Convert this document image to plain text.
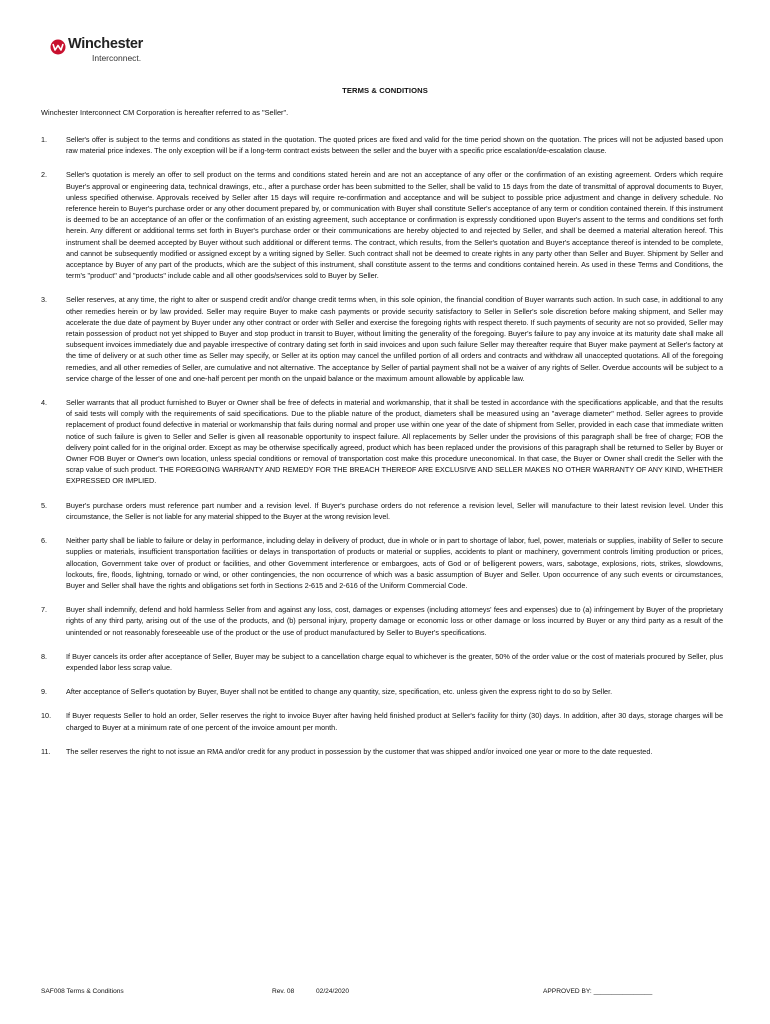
Winchester
Interconnect.
TERMS & CONDITIONS
Winchester Interconnect CM Corporation is hereafter referred to as "Seller".
1.	Seller's offer is subject to the terms and conditions as stated in the quotation. The quoted prices are fixed and valid for the time period shown on the quotation. The prices will not be adjusted based upon raw material price indexes. The only exception will be if a long-term contract exists between the seller and the buyer with a specific price escalation/de-escalation clause.
2.	Seller's quotation is merely an offer to sell product on the terms and conditions stated herein and are not an acceptance of any offer or the confirmation of an existing agreement. Orders which require Buyer's approval or engineering data, technical drawings, etc., after a purchase order has been submitted to the Seller, shall be valid to 15 days from the date of transmittal of approval documents to Buyer, unless specified otherwise. Approvals received by Seller after 15 days will require re-confirmation and acceptance and will be subject to possible price adjustment and change in delivery schedule. No reference herein to Buyer's purchase order or any other document prepared by, or communication with Buyer shall constitute Seller's acceptance of any term or condition contained therein. If this instrument is deemed to be an acceptance of an offer or the confirmation of an existing agreement, such acceptance or confirmation is expressly conditioned upon Buyer's assent to the terms and conditions set forth herein. Any different or additional terms set forth in Buyer's purchase order or their communications are hereby objected to and rejected by Seller, and shall be deemed a material alteration hereof. This instrument shall be deemed accepted by Buyer without such additional or different terms. The contract, which results, from the Seller's quotation and Buyer's acceptance thereof is intended to be complete, and cannot be subsequently modified or assigned except by a writing signed by Seller. Such contract shall not be deemed to create rights in any party other than Seller and Buyer. Shipment by Seller and acceptance by Buyer of any part of the products, which are the subject of this instrument, shall constitute assent to the terms and conditions contained herein. As used in these Terms and Conditions, the term's "product" and "products" include cable and all other goods/services sold to Buyer by Seller.
3.	Seller reserves, at any time, the right to alter or suspend credit and/or change credit terms when, in this sole opinion, the financial condition of Buyer warrants such action. In such case, in additional to any other remedies herein or by law provided. Seller may require Buyer to make cash payments or provide security satisfactory to Seller in Seller's sole discretion before making shipment, and Seller may accelerate the due date of payment by Buyer under any other contract or order with Seller and exercise the foregoing rights with respect thereto. If such payments of security are not so provided, Seller may retain possession of product not yet shipped to Buyer and stop product in transit to Buyer, without limiting the generality of the foregoing. Buyer's failure to pay any invoice at its maturity date shall make all subsequent invoices immediately due and payable irrespective of contrary dating set forth in said invoices and upon such failure Seller may thereafter require that Buyer make payment at Seller's factory at the time of delivery or at such other time as Seller may specify, or Seller at its option may cancel the unfilled portion of all orders and contracts and withdraw all unaccepted quotations. All of the foregoing remedies, and all other remedies of Seller, are cumulative and not alternative. The acceptance by Seller of partial payment shall not be a waiver of any rights of Seller. Overdue accounts will be subject to a service charge of the lesser of one and one-half percent per month on the unpaid balance or the maximum amount allowable by applicable law.
4.	Seller warrants that all product furnished to Buyer or Owner shall be free of defects in material and workmanship, that it shall be tested in accordance with the specifications applicable, and that the results of said tests will comply with the requirements of said specifications. Due to the pliable nature of the product, diameters shall be measured using an "average diameter" method. Seller agrees to provide replacement of product found defective in material or workmanship that fails during normal and proper use within one year of the date of shipment from Seller, provided in each case that immediate written notice of such failure is given to Seller and Seller is given all reasonable opportunity to inspect failure. All replacements by Seller under the provisions of this paragraph shall be free of charge; FOB the delivery point called for in the original order. Except as may be otherwise specifically agreed, product which has been replaced under the provisions of this paragraph shall be returned to Seller by Buyer or Owner FOB Buyer or Owner's own location, unless special conditions or removal of transportation cost make this procedure uneconomical. In that case, the Buyer or Owner shall credit the Seller with the scrap value of such product. THE FOREGOING WARRANTY AND REMEDY FOR THE BREACH THEREOF ARE EXCLUSIVE AND SELLER MAKES NO OTHER WARRANTY OF ANY KIND, WHETHER EXPRESSED OR IMPLIED.
5.	Buyer's purchase orders must reference part number and a revision level. If Buyer's purchase orders do not reference a revision level, Seller will manufacture to their latest revision level. Under this circumstance, the Seller is not liable for any material shipped to the Buyer at the wrong revision level.
6.	Neither party shall be liable to failure or delay in performance, including delay in delivery of product, due in whole or in part to shortage of labor, fuel, power, materials or supplies, inability of Seller to secure supplies or materials, insufficient transportation facilities or delays in transportation of products or material or supplies, accidents to plant or machinery, government controls limiting production or prices, allocation, Government take over of product or facilities, and other Government interference or embargoes, acts of God or of belligerent powers, wars, sabotage, explosions, riots, strikes, slowdowns, lockouts, fire, floods, lightning, tornado or wind, or other contingencies, the non occurrence of which was a basic assumption of Buyer and Seller. Upon occurrence of any such events or circumstances, Buyer and Seller shall have the rights and obligations set forth in Sections 2-615 and 2-616 of the Uniform Commercial Code.
7.	Buyer shall indemnify, defend and hold harmless Seller from and against any loss, cost, damages or expenses (including attorneys' fees and expenses) due to (a) infringement by Buyer of the proprietary rights of any third party, arising out of the use of the products, and (b) personal injury, property damage or economic loss or other damage or loss incurred by Buyer or any third party as a result of the unintended or not reasonably foreseeable use of the product or the use of product manufactured by Seller to Buyer's specifications.
8.	If Buyer cancels its order after acceptance of Seller, Buyer may be subject to a cancellation charge equal to whichever is the greater, 50% of the order value or the cost of materials procured by Seller, plus expended labor less scrap value.
9.	After acceptance of Seller's quotation by Buyer, Buyer shall not be entitled to change any quantity, size, specification, etc. unless given the express right to do so by Seller.
10. If Buyer requests Seller to hold an order, Seller reserves the right to invoice Buyer after having held finished product at Seller's facility for thirty (30) days. In addition, after 30 days, storage charges will be charged to Buyer at a minimum rate of one percent of the invoice amount per month.
11. The seller reserves the right to not issue an RMA and/or credit for any product in possession by the customer that was shipped and/or invoiced one year or more to the date requested.
SAF008 Terms & Conditions	Rev. 08	02/24/2020	APPROVED BY: ________________
